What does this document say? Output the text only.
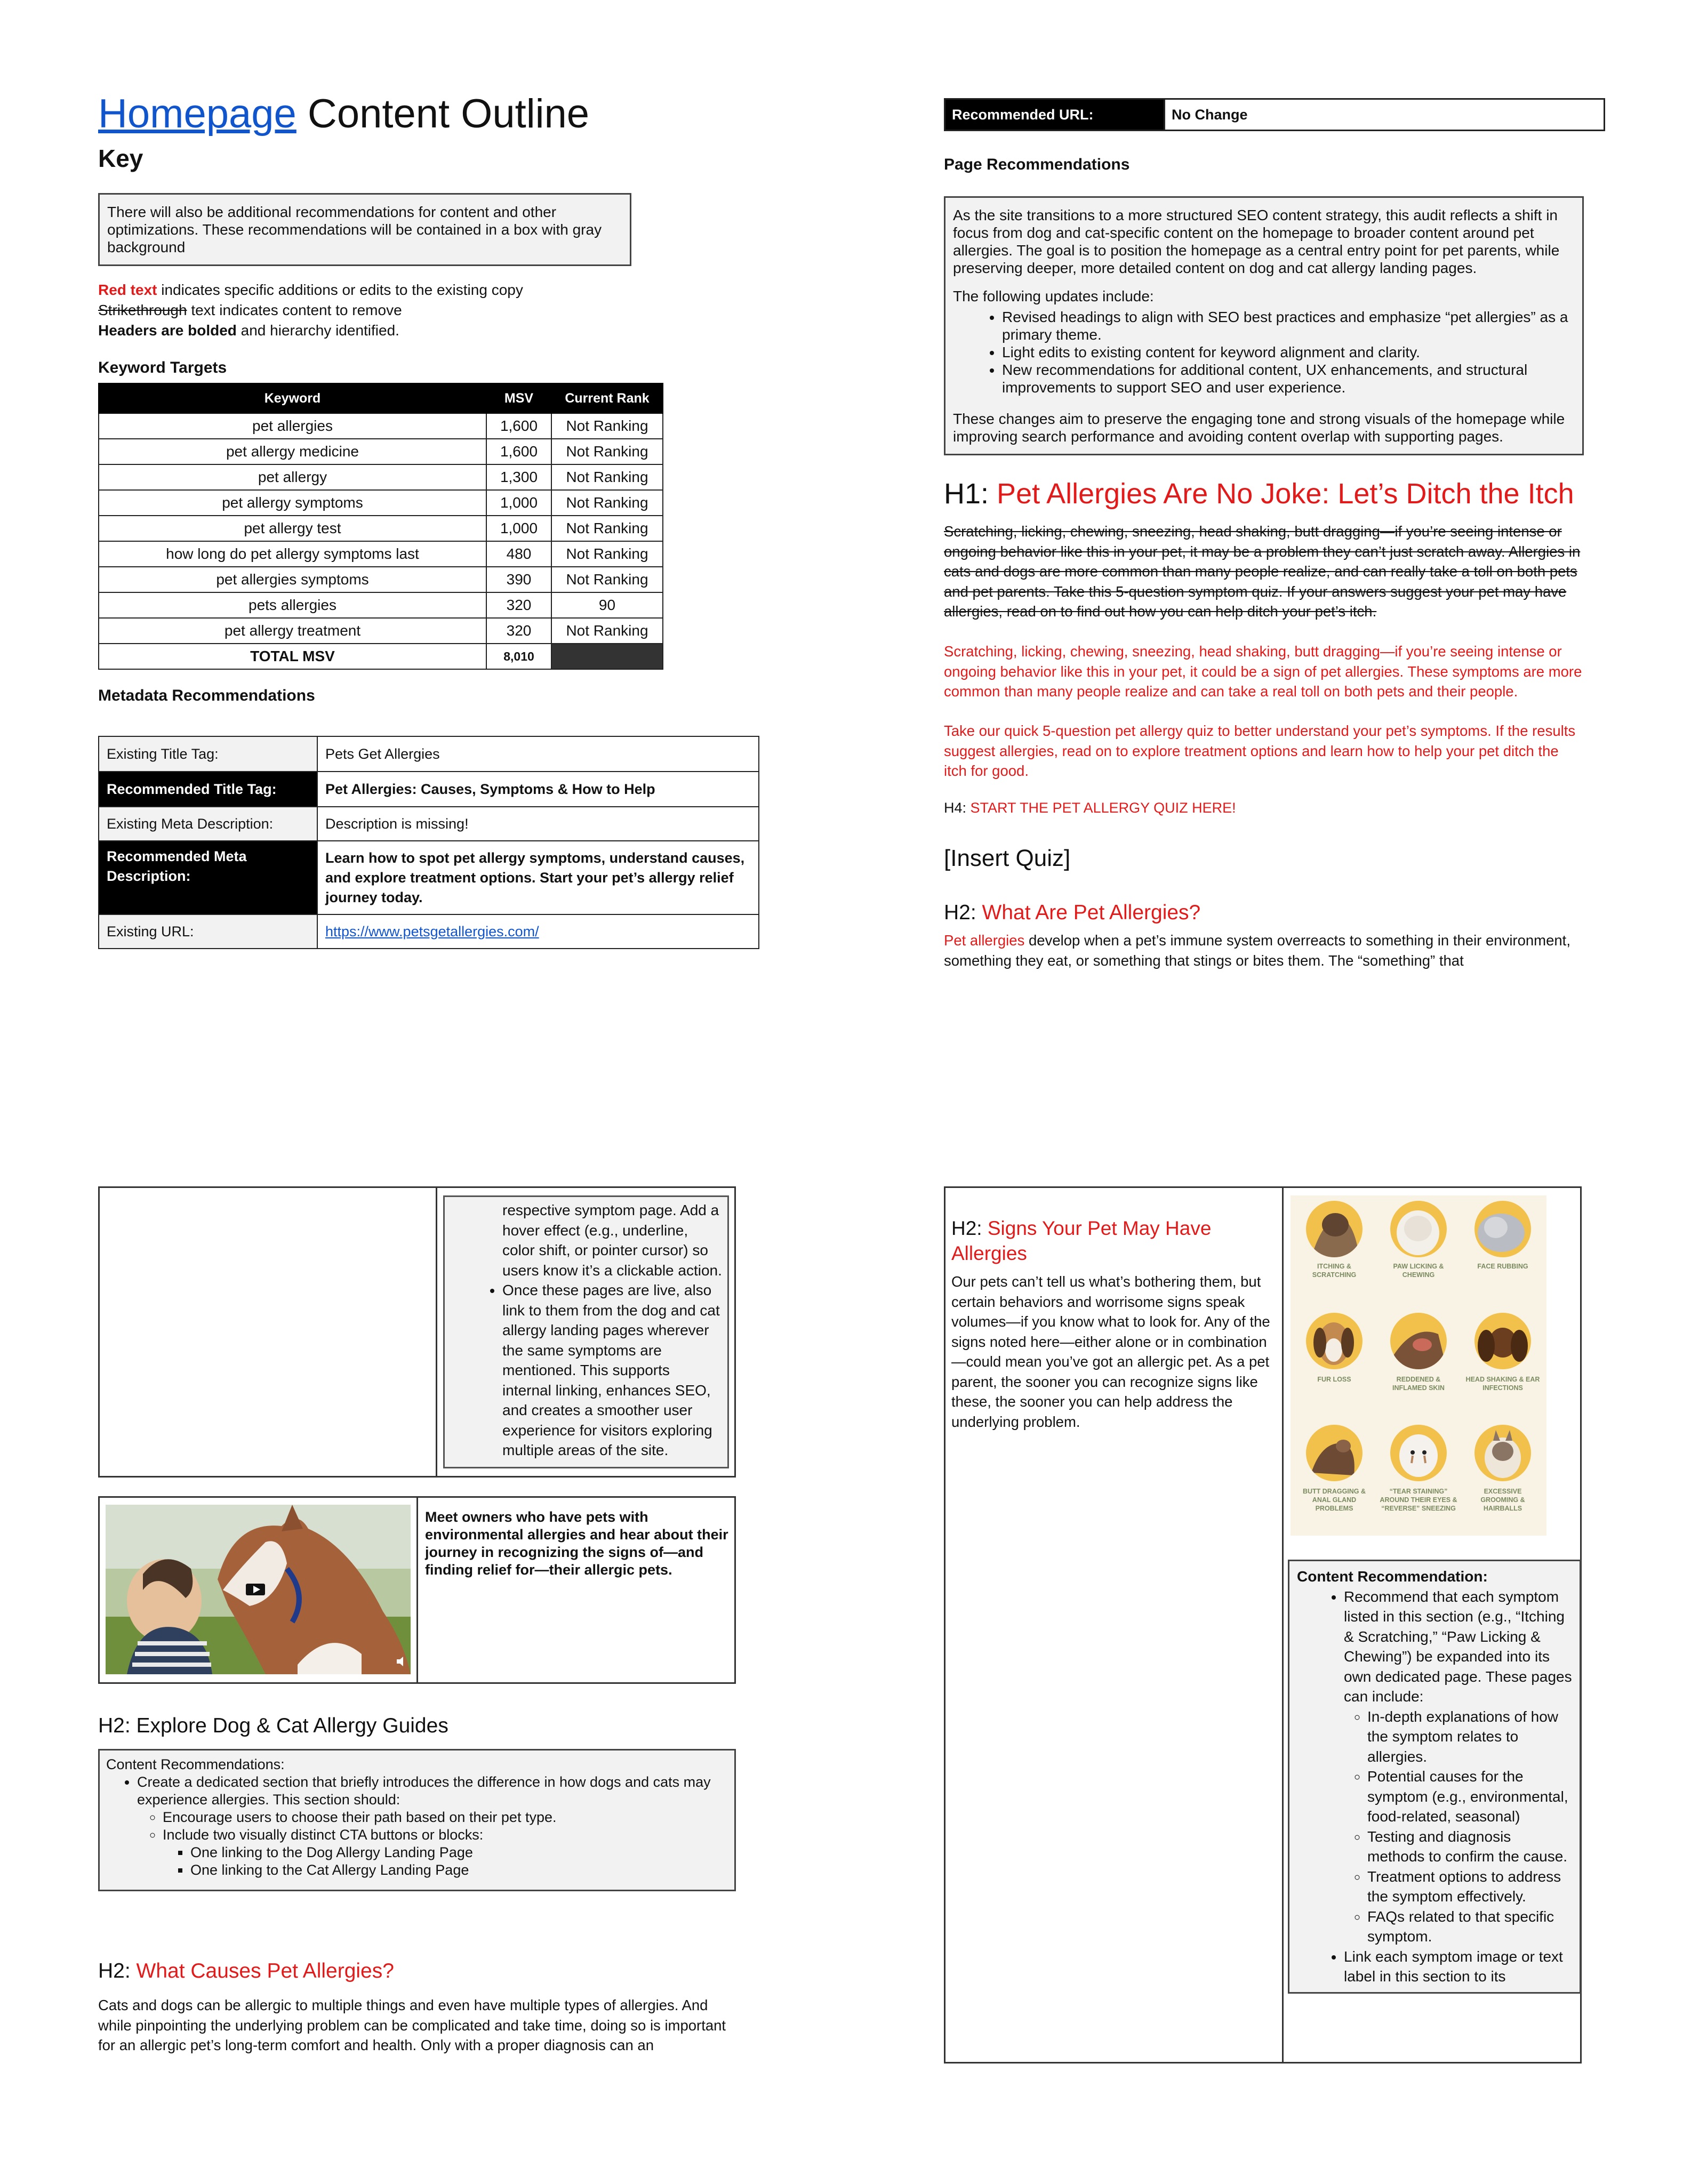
Homepage Content Outline
Key
There will also be additional recommendations for content and other optimizations. These recommendations will be contained in a box with gray background
Red text indicates specific additions or edits to the existing copy
Strikethrough text indicates content to remove
Headers are bolded and hierarchy identified.
Keyword Targets
Keyword	MSV	Current Rank
pet allergies	1,600	Not Ranking
pet allergy medicine	1,600	Not Ranking
pet allergy	1,300	Not Ranking
pet allergy symptoms	1,000	Not Ranking
pet allergy test	1,000	Not Ranking
how long do pet allergy symptoms last	480	Not Ranking
pet allergies symptoms	390	Not Ranking
pets allergies	320	90
pet allergy treatment	320	Not Ranking
TOTAL MSV	8,010	
Metadata Recommendations
Existing Title Tag:	Pets Get Allergies
Recommended Title Tag:	Pet Allergies: Causes, Symptoms & How to Help
Existing Meta Description:	Description is missing!
Recommended Meta Description:	Learn how to spot pet allergy symptoms, understand causes, and explore treatment options. Start your pet’s allergy relief journey today.
Existing URL:	https://www.petsgetallergies.com/
Recommended URL:	No Change
Page Recommendations

As the site transitions to a more structured SEO content strategy, this audit reflects a shift in focus from dog and cat-specific content on the homepage to broader content around pet allergies. The goal is to position the homepage as a central entry point for pet parents, while preserving deeper, more detailed content on dog and cat allergy landing pages.

The following updates include:
• Revised headings to align with SEO best practices and emphasize “pet allergies” as a primary theme.
• Light edits to existing content for keyword alignment and clarity.
• New recommendations for additional content, UX enhancements, and structural improvements to support SEO and user experience.

These changes aim to preserve the engaging tone and strong visuals of the homepage while improving search performance and avoiding content overlap with supporting pages.

H1: Pet Allergies Are No Joke: Let’s Ditch the Itch
Scratching, licking, chewing, sneezing, head shaking, butt dragging—if you’re seeing intense or ongoing behavior like this in your pet, it may be a problem they can’t just scratch away. Allergies in cats and dogs are more common than many people realize, and can really take a toll on both pets and pet parents. Take this 5-question symptom quiz. If your answers suggest your pet may have allergies, read on to find out how you can help ditch your pet’s itch.
Scratching, licking, chewing, sneezing, head shaking, butt dragging—if you’re seeing intense or ongoing behavior like this in your pet, it could be a sign of pet allergies. These symptoms are more common than many people realize and can take a real toll on both pets and their people.
Take our quick 5-question pet allergy quiz to better understand your pet’s symptoms. If the results suggest allergies, read on to explore treatment options and learn how to help your pet ditch the itch for good.
H4: START THE PET ALLERGY QUIZ HERE!
[Insert Quiz]
H2: What Are Pet Allergies?
Pet allergies develop when a pet’s immune system overreacts to something in their environment, something they eat, or something that stings or bites them. The “something” that
respective symptom page. Add a hover effect (e.g., underline, color shift, or pointer cursor) so users know it’s a clickable action.
• Once these pages are live, also link to them from the dog and cat allergy landing pages wherever the same symptoms are mentioned. This supports internal linking, enhances SEO, and creates a smoother user experience for visitors exploring multiple areas of the site.
Meet owners who have pets with environmental allergies and hear about their journey in recognizing the signs of—and finding relief for—their allergic pets.
H2: Explore Dog & Cat Allergy Guides
Content Recommendations:
• Create a dedicated section that briefly introduces the difference in how dogs and cats may experience allergies. This section should:
◦ Encourage users to choose their path based on their pet type.
◦ Include two visually distinct CTA buttons or blocks:
▪ One linking to the Dog Allergy Landing Page
▪ One linking to the Cat Allergy Landing Page
H2: What Causes Pet Allergies?
Cats and dogs can be allergic to multiple things and even have multiple types of allergies. And while pinpointing the underlying problem can be complicated and take time, doing so is important for an allergic pet’s long-term comfort and health. Only with a proper diagnosis can an
H2: Signs Your Pet May Have Allergies
Our pets can’t tell us what’s bothering them, but certain behaviors and worrisome signs speak volumes—if you know what to look for. Any of the signs noted here—either alone or in combination—could mean you’ve got an allergic pet. As a pet parent, the sooner you can recognize signs like these, the sooner you can help address the underlying problem.
ITCHING & SCRATCHING
PAW LICKING & CHEWING
FACE RUBBING
FUR LOSS	REDDENED & INFLAMED SKIN
HEAD SHAKING & EAR INFECTIONS
BUTT DRAGGING & ANAL GLAND PROBLEMS
“TEAR STAINING” AROUND THEIR EYES & “REVERSE” SNEEZING
EXCESSIVE GROOMING & HAIRBALLS
Content Recommendation:
• Recommend that each symptom listed in this section (e.g., “Itching & Scratching,” “Paw Licking & Chewing”) be expanded into its own dedicated page. These pages can include:
◦ In-depth explanations of how the symptom relates to allergies.
◦ Potential causes for the symptom (e.g., environmental, food-related, seasonal)
◦ Testing and diagnosis methods to confirm the cause.
◦ Treatment options to address the symptom effectively.
◦ FAQs related to that specific symptom.
• Link each symptom image or text label in this section to its
